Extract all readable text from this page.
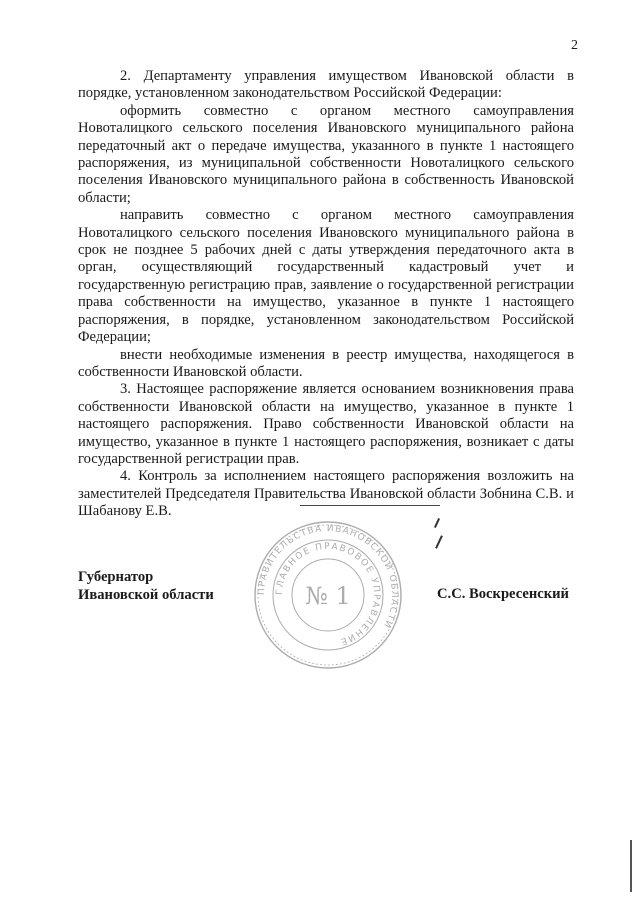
2

2. Департаменту управления имуществом Ивановской области в порядке, установленном законодательством Российской Федерации:

оформить совместно с органом местного самоуправления Новоталицкого сельского поселения Ивановского муниципального района передаточный акт о передаче имущества, указанного в пункте 1 настоящего распоряжения, из муниципальной собственности Новоталицкого сельского поселения Ивановского муниципального района в собственность Ивановской области;

направить совместно с органом местного самоуправления Новоталицкого сельского поселения Ивановского муниципального района в срок не позднее 5 рабочих дней с даты утверждения передаточного акта в орган, осуществляющий государственный кадастровый учет и государственную регистрацию прав, заявление о государственной регистрации права собственности на имущество, указанное в пункте 1 настоящего распоряжения, в порядке, установленном законодательством Российской Федерации;

внести необходимые изменения в реестр имущества, находящегося в собственности Ивановской области.

3. Настоящее распоряжение является основанием возникновения права собственности Ивановской области на имущество, указанное в пункте 1 настоящего распоряжения. Право собственности Ивановской области на имущество, указанное в пункте 1 настоящего распоряжения, возникает с даты государственной регистрации прав.

4. Контроль за исполнением настоящего распоряжения возложить на заместителей Председателя Правительства Ивановской области Зобнина С.В. и Шабанову Е.В.

Губернатор
Ивановской области	С.С. Воскресенский
ПРАВИТЕЛЬСТВА ИВАНОВСКОЙ ОБЛАСТИ
ГЛАВНОЕ ПРАВОВОЕ УПРАВЛЕНИЕ
№ 1
